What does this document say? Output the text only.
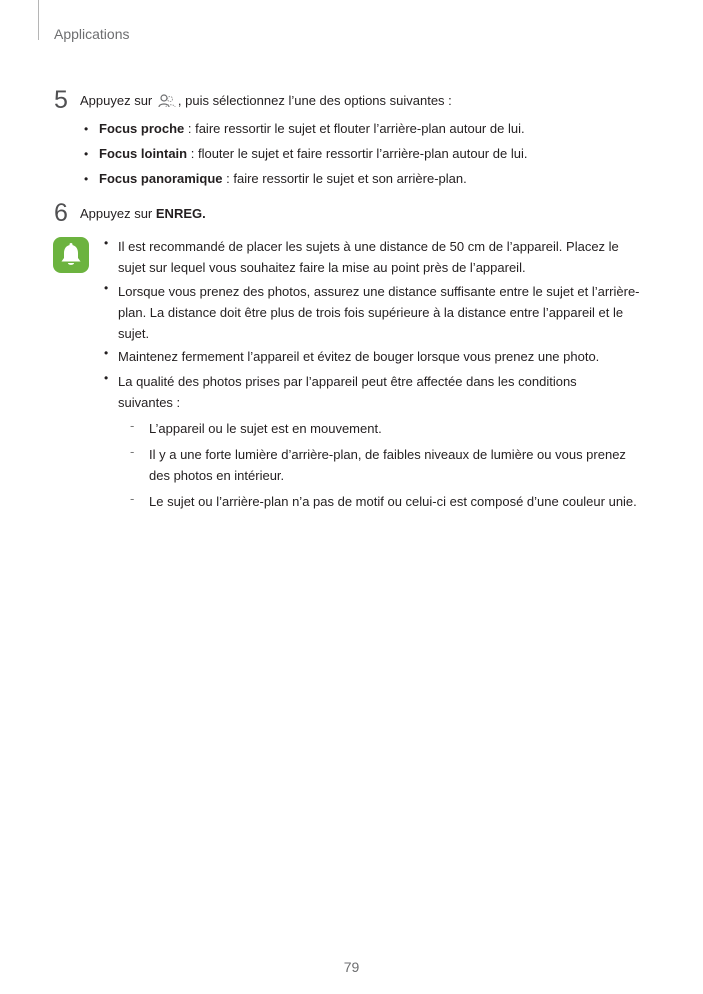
Applications
5 Appuyez sur , puis sélectionnez l’une des options suivantes :
• Focus proche : faire ressortir le sujet et flouter l’arrière-plan autour de lui.
• Focus lointain : flouter le sujet et faire ressortir l’arrière-plan autour de lui.
• Focus panoramique : faire ressortir le sujet et son arrière-plan.
6 Appuyez sur ENREG.
• Il est recommandé de placer les sujets à une distance de 50 cm de l’appareil. Placez le
sujet sur lequel vous souhaitez faire la mise au point près de l’appareil.
• Lorsque vous prenez des photos, assurez une distance suffisante entre le sujet et l’arrière-
plan. La distance doit être plus de trois fois supérieure à la distance entre l’appareil et le
sujet.
• Maintenez fermement l’appareil et évitez de bouger lorsque vous prenez une photo.
• La qualité des photos prises par l’appareil peut être affectée dans les conditions
suivantes :
- L’appareil ou le sujet est en mouvement.
- Il y a une forte lumière d’arrière-plan, de faibles niveaux de lumière ou vous prenez
des photos en intérieur.
- Le sujet ou l’arrière-plan n’a pas de motif ou celui-ci est composé d’une couleur unie.
79
